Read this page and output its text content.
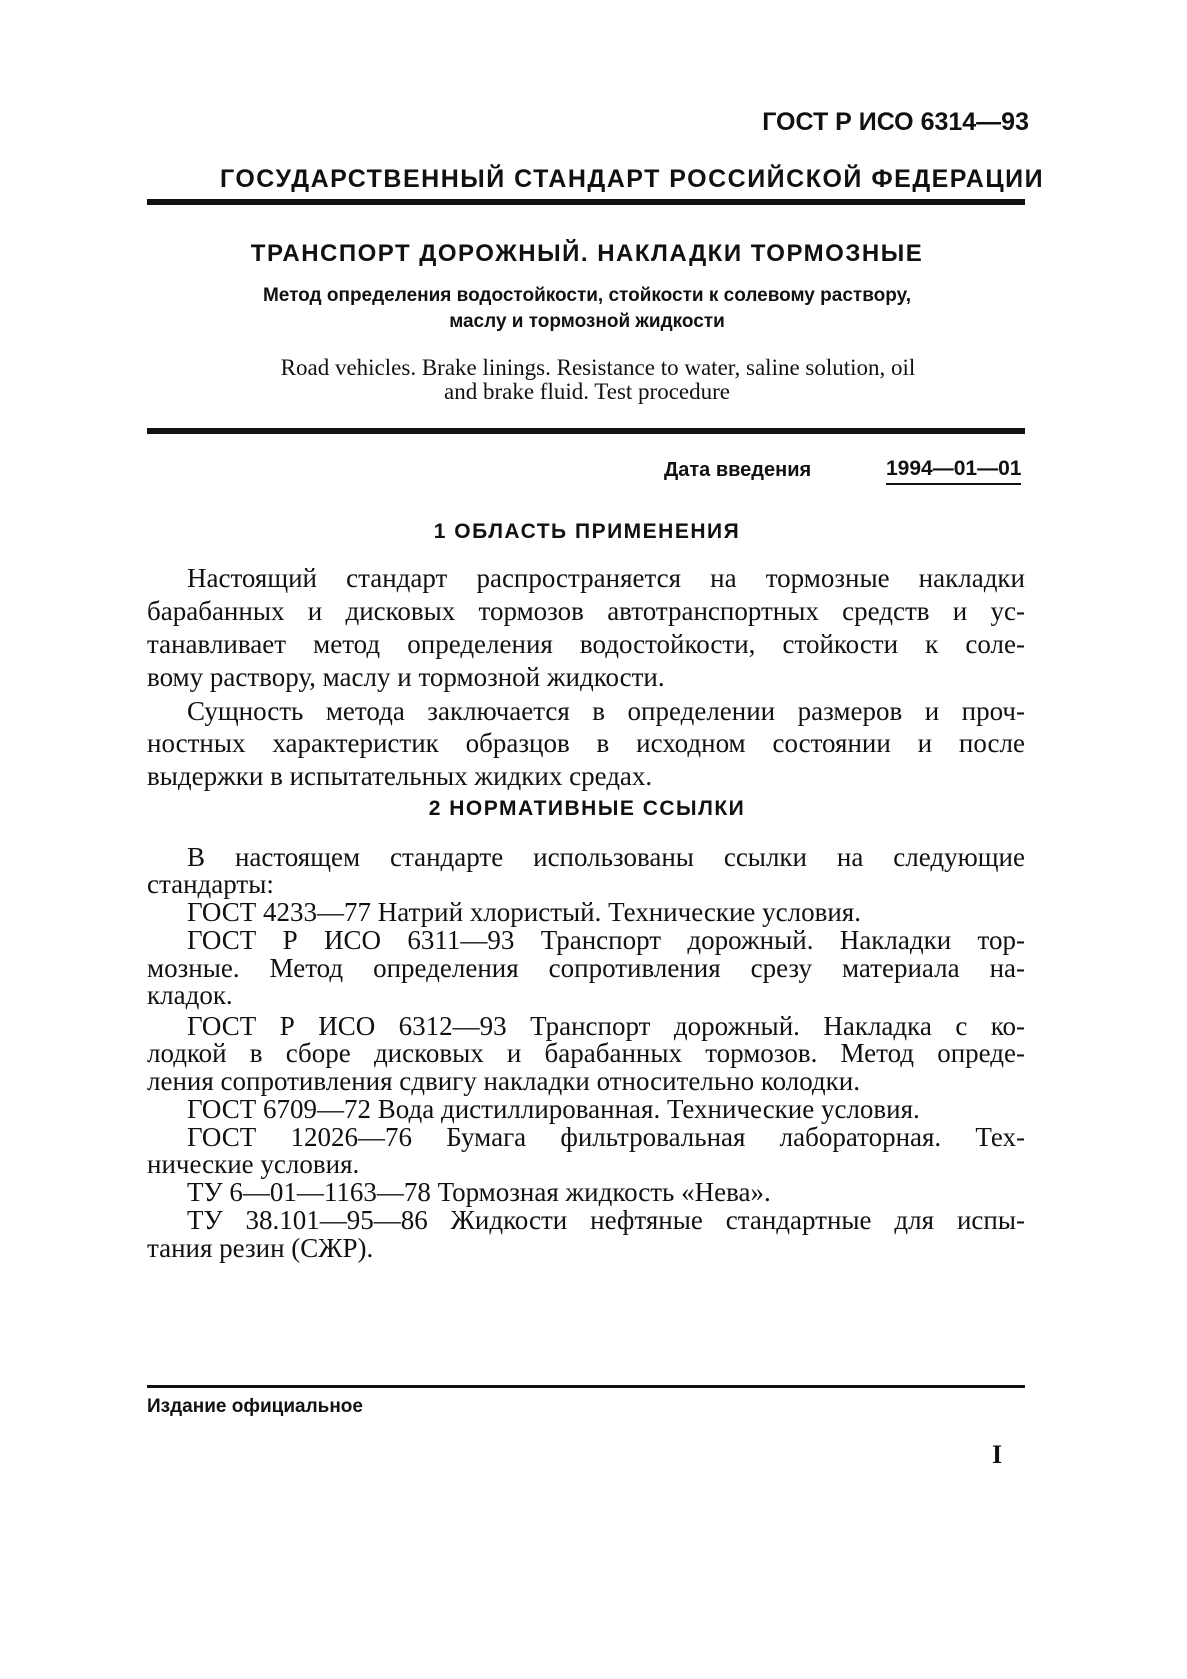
ГОСТ Р ИСО 6314—93
ГОСУДАРСТВЕННЫЙ СТАНДАРТ РОССИЙСКОЙ ФЕДЕРАЦИИ
ТРАНСПОРТ ДОРОЖНЫЙ. НАКЛАДКИ ТОРМОЗНЫЕ
Метод определения водостойкости, стойкости к солевому раствору,
маслу и тормозной жидкости
Road vehicles. Brake linings. Resistance to water, saline solution, oil
and brake fluid. Test procedure
Дата введения	1994—01—01
1 ОБЛАСТЬ ПРИМЕНЕНИЯ
Настоящий стандарт распространяется на тормозные накладки
барабанных и дисковых тормозов автотранспортных средств и ус-
танавливает метод определения водостойкости, стойкости к соле-
вому раствору, маслу и тормозной жидкости.
Сущность метода заключается в определении размеров и проч-
ностных характеристик образцов в исходном состоянии и после
выдержки в испытательных жидких средах.
2 НОРМАТИВНЫЕ ССЫЛКИ
В настоящем стандарте использованы ссылки на следующие
стандарты:
ГОСТ 4233—77 Натрий хлористый. Технические условия.
ГОСТ Р ИСО 6311—93 Транспорт дорожный. Накладки тор-
мозные. Метод определения сопротивления срезу материала на-
кладок.
ГОСТ Р ИСО 6312—93 Транспорт дорожный. Накладка с ко-
лодкой в сборе дисковых и барабанных тормозов. Метод опреде-
ления сопротивления сдвигу накладки относительно колодки.
ГОСТ 6709—72 Вода дистиллированная. Технические условия.
ГОСТ 12026—76 Бумага фильтровальная лабораторная. Тех-
нические условия.
ТУ 6—01—1163—78 Тормозная жидкость «Нева».
ТУ 38.101—95—86 Жидкости нефтяные стандартные для испы-
тания резин (СЖР).
Издание официальное
I
